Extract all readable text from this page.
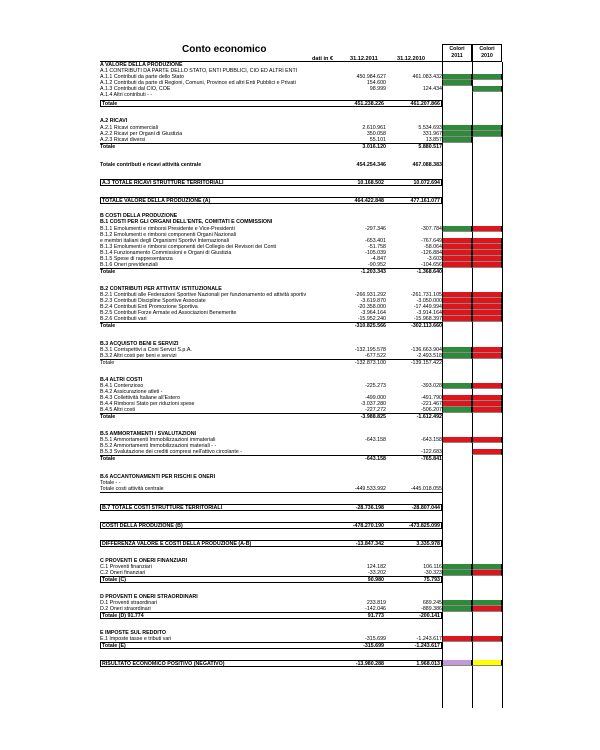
Conto economico
dati in €	31.12.2011	31.12.2010
Colori
2011
Colori
2010
A VALORE DELLA PRODUZIONE
A.1 CONTRIBUTI DA PARTE DELLO STATO, ENTI PUBBLICI, CIO ED ALTRI ENTI
A.1.1 Contributi da parte dello Stato	450.984.627	461.083.432
A.1.2 Contributi da parte di Regioni, Comuni, Province ed altri Enti Pubblici e Privati	154.600
A.1.3 Contributi dal CIO, COE	98.999	124.434
A.1.4 Altri contributi - -
Totale	451.238.226	461.207.866
A.2 RICAVI
A.2.1 Ricavi commerciali	2.610.961	5.534.693
A.2.2 Ricavi per Organi di Giustizia	350.058	331.967
A.2.3 Ricavi diversi	55.101	13.857
Totale	3.016.120	5.880.517
Totale contributi e ricavi attività centrale	454.254.346	467.088.383
A.3 TOTALE RICAVI STRUTTURE TERRITORIALI	10.168.502	10.072.694
TOTALE VALORE DELLA PRODUZIONE (A)	464.422.848	477.161.077
B COSTI DELLA PRODUZIONE
B.1 COSTI PER GLI ORGANI DELL'ENTE, COMITATI E COMMISSIONI
B.1.1 Emolumenti e rimborsi Presidente e Vice-Presidenti	-297.346	-307.784
B.1.2 Emolumenti e rimborsi componenti Organi Nazionali
e membri italiani degli Organismi Sportivi Internazionali	-653.401	-767.649
B.1.3 Emolumenti e rimborsi componenti del Collegio dei Revisori dei Conti	-51.758	-58.064
B.1.4 Funzionamento Commissioni e Organi di Giustizia	-105.039	-126.884
B.1.5 Spese di rappresentanza	-4.847	-3.603
B.1.6 Oneri previdenziali	-90.952	-104.656
Totale	-1.203.343	-1.368.640
B.2 CONTRIBUTI PER ATTIVITA' ISTITUZIONALE
B.2.1 Contributi alle Federazioni Sportive Nazionali per funzionamento ed attività sportiv	-266.931.292	-261.731.105
B.2.3 Contributi Discipline Sportive Associate	-3.619.870	-3.050.000
B.2.4 Contributi Enti Promozione Sportiva	-20.358.000	-17.449.994
B.2.5 Contributi Forze Armate ed Associazioni Benemerite	-3.964.164	-3.914.164
B.2.6 Contributi vari	-15.952.240	-15.968.397
Totale	-310.825.566	-302.113.660
B.3 ACQUISTO BENI E SERVIZI
B.3.1 Corrispettivi a Coni Servizi S.p.A.	-132.195.578	-136.663.904
B.3.2 Altri costi per beni e servizi	-677.522	-2.493.518
Totale	-132.873.100	-139.157.422
B.4 ALTRI COSTI
B.4.1 Contenzioso	-225.273	-393.028
B.4.2 Assicurazione atleti -
B.4.3 Collettività Italiane all'Estero	-499.000	-491.790
B.4.4 Rimborsi Stato per riduzioni spese	-3.037.280	-221.467
B.4.5 Altri costi	-227.272	-506.207
Totale	-3.988.825	-1.612.492
B.5 AMMORTAMENTI / SVALUTAZIONI
B.5.1 Ammortamenti Immobilizzazioni immateriali	-643.158	-643.158
B.5.2 Ammortamenti Immobilizzazioni materiali - -
B.5.3 Svalutazione dei crediti compresi nell'attivo circolante -	-122.683
Totale	-643.158	-765.841
B.6 ACCANTONAMENTI PER RISCHI E ONERI
Totale - -
Totale costi attività centrale	-449.533.992	-445.018.055
B.7 TOTALE COSTI STRUTTURE TERRITORIALI	-28.736.198	-28.807.044
COSTI DELLA PRODUZIONE (B)	-478.270.190	-473.825.099
DIFFERENZA VALORE E COSTI DELLA PRODUZIONE (A-B)	-13.847.342	3.335.978
C PROVENTI E ONERI FINANZIARI
C.1 Proventi finanziari	124.182	106.116
C.2 Oneri finanziari	-33.202	-30.323
Totale (C)	90.980	75.793
D PROVENTI E ONERI STRAORDINARI
D.1 Proventi straordinari	233.819	689.245
D.2 Oneri straordinari	-142.046	-889.386
Totale (D) 91.774	91.773	-200.141
E IMPOSTE SUL REDDITO
E.1 Imposte tasse e tributi vari	-315.699	-1.243.617
Totale (E)	-315.699	-1.243.617
RISULTATO ECONOMICO POSITIVO (NEGATIVO)	-13.980.288	1.968.013
